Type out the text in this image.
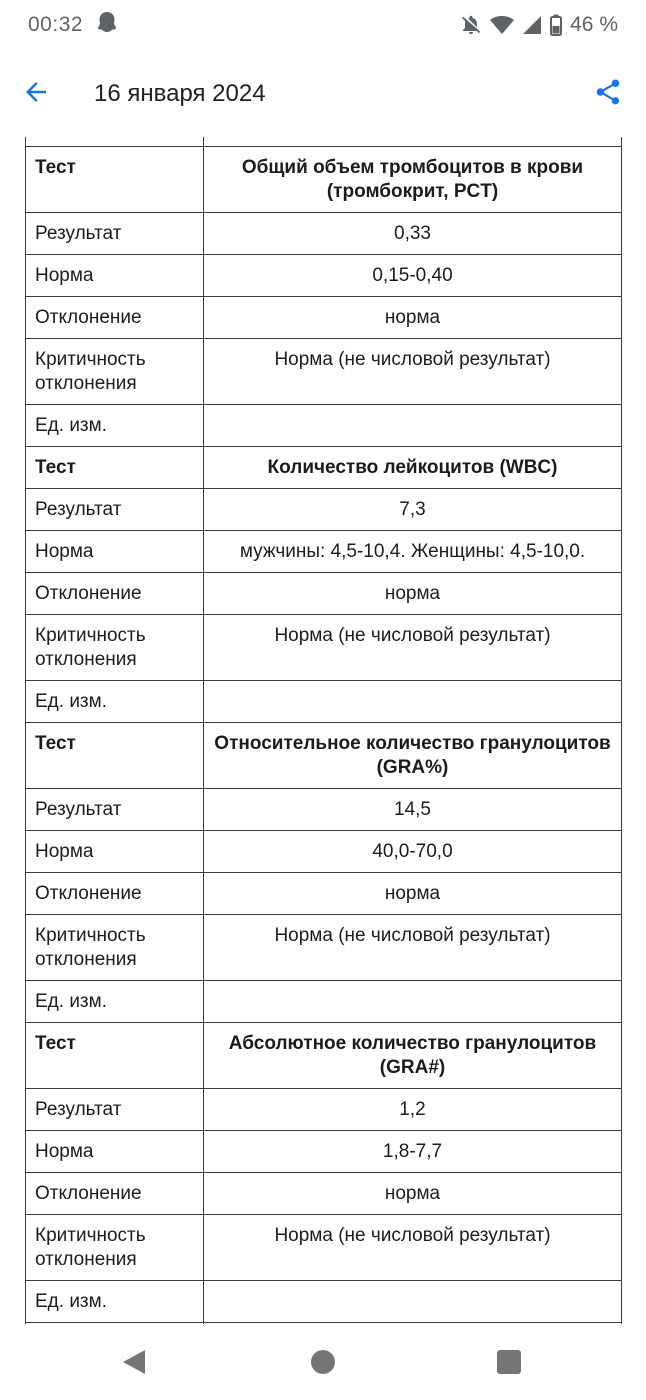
00:32	46 %
16 января 2024
Тест	Общий объем тромбоцитов в крови (тромбокрит, PCT)
Результат	0,33
Норма	0,15-0,40
Отклонение	норма
Критичность отклонения	Норма (не числовой результат)
Ед. изм.	
Тест	Количество лейкоцитов (WBC)
Результат	7,3
Норма	мужчины: 4,5-10,4. Женщины: 4,5-10,0.
Отклонение	норма
Критичность отклонения	Норма (не числовой результат)
Ед. изм.	
Тест	Относительное количество гранулоцитов (GRA%)
Результат	14,5
Норма	40,0-70,0
Отклонение	норма
Критичность отклонения	Норма (не числовой результат)
Ед. изм.	
Тест	Абсолютное количество гранулоцитов (GRA#)
Результат	1,2
Норма	1,8-7,7
Отклонение	норма
Критичность отклонения	Норма (не числовой результат)
Ед. изм.	
